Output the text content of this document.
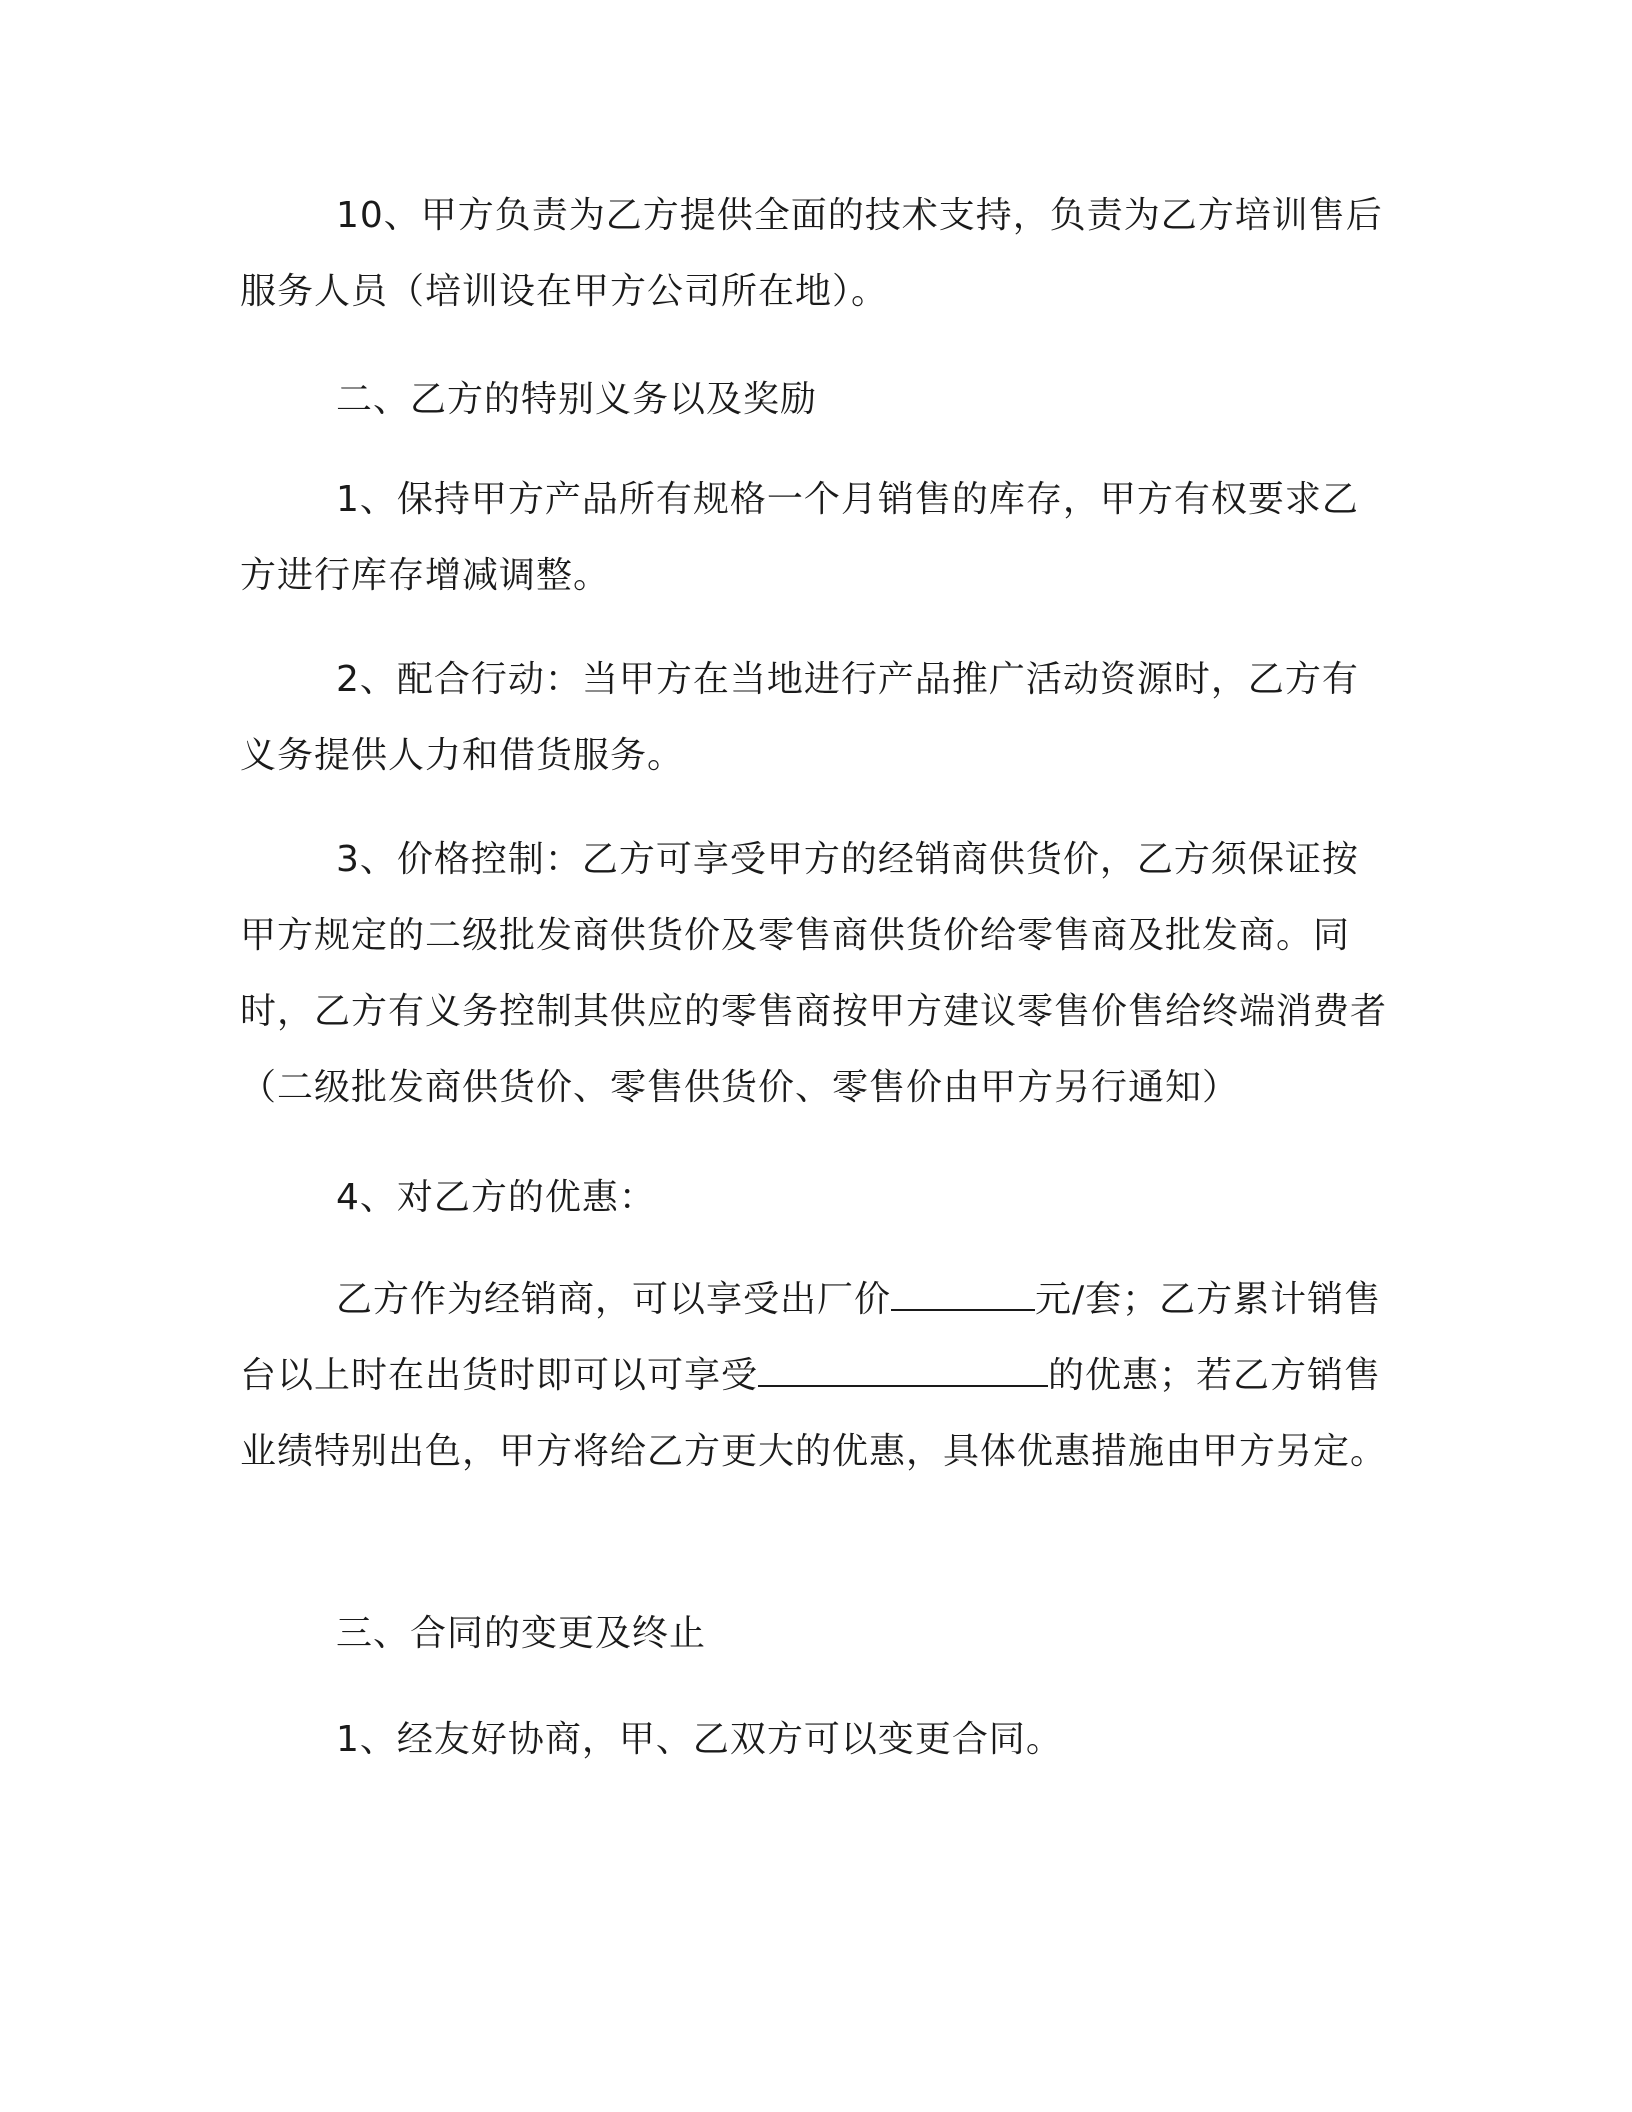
10、甲方负责为乙方提供全面的技术支持，负责为乙方培训售后服务人员（培训设在甲方公司所在地）。
二、乙方的特别义务以及奖励
1、保持甲方产品所有规格一个月销售的库存，甲方有权要求乙方进行库存增减调整。
2、配合行动：当甲方在当地进行产品推广活动资源时，乙方有义务提供人力和借货服务。
3、价格控制：乙方可享受甲方的经销商供货价，乙方须保证按甲方规定的二级批发商供货价及零售商供货价给零售商及批发商。同时，乙方有义务控制其供应的零售商按甲方建议零售价售给终端消费者（二级批发商供货价、零售供货价、零售价由甲方另行通知）
4、对乙方的优惠：
乙方作为经销商，可以享受出厂价	元/套；乙方累计销售台以上时在出货时即可以可享受	的优惠；若乙方销售业绩特别出色，甲方将给乙方更大的优惠，具体优惠措施由甲方另定。
三、合同的变更及终止
1、经友好协商，甲、乙双方可以变更合同。
